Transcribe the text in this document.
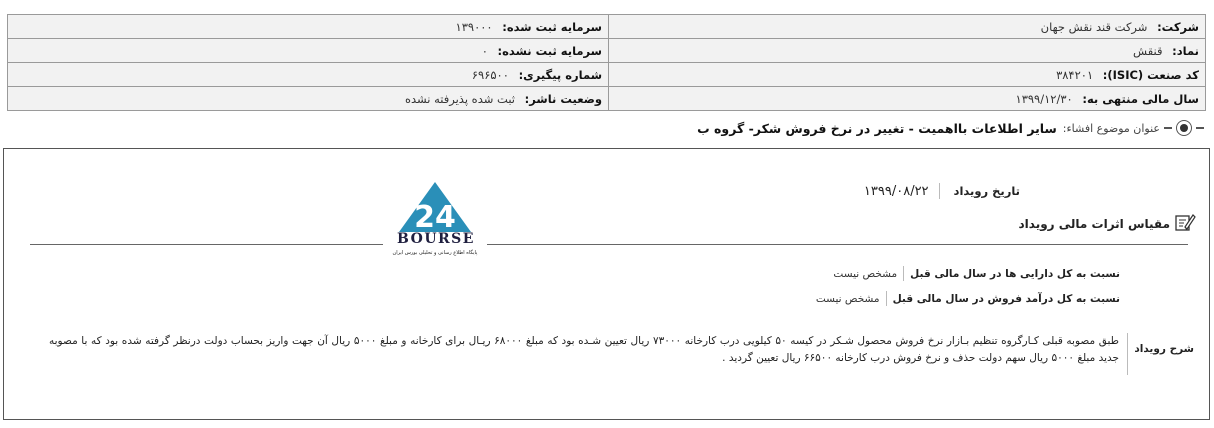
شرکت: شرکت قند نقش جهان	سرمایه ثبت شده: ۱۳۹۰۰۰
نماد: قنقش	سرمایه ثبت نشده: ۰
کد صنعت (ISIC): ۳۸۴۲۰۱	شماره پیگیری: ۶۹۶۵۰۰
سال مالی منتهی به: ۱۳۹۹/۱۲/۳۰	وضعیت ناشر: ثبت شده پذیرفته نشده
عنوان موضوع افشاء:
سایر اطلاعات بااهمیت - تغییر در نرخ فروش شکر- گروه ب
تاریخ رویداد
۱۳۹۹/۰۸/۲۲
مقیاس اثرات مالی رویداد
24
BOURSE
پایگاه اطلاع رسانی و تحلیلی بورس ایران
نسبت به کل دارایی ها در سال مالی قبل
مشخص نیست
نسبت به کل درآمد فروش در سال مالی قبل
مشخص نیست
شرح رویداد
طبق مصوبه قبلی کـارگروه تنظیم بـازار نرخ فروش محصول شـکر در کیسه ۵۰ کیلویی درب کارخانه ۷۳۰۰۰ ریال تعیین شـده بود که مبلغ ۶۸۰۰۰ ریـال برای کارخانه و مبلغ ۵۰۰۰ ریال آن جهت واریز بحساب دولت درنظر گرفته شده بود که با مصوبه جدید مبلغ ۵۰۰۰ ریال سهم دولت حذف و نرخ فروش درب کارخانه ۶۶۵۰۰ ریال تعیین گردید .
